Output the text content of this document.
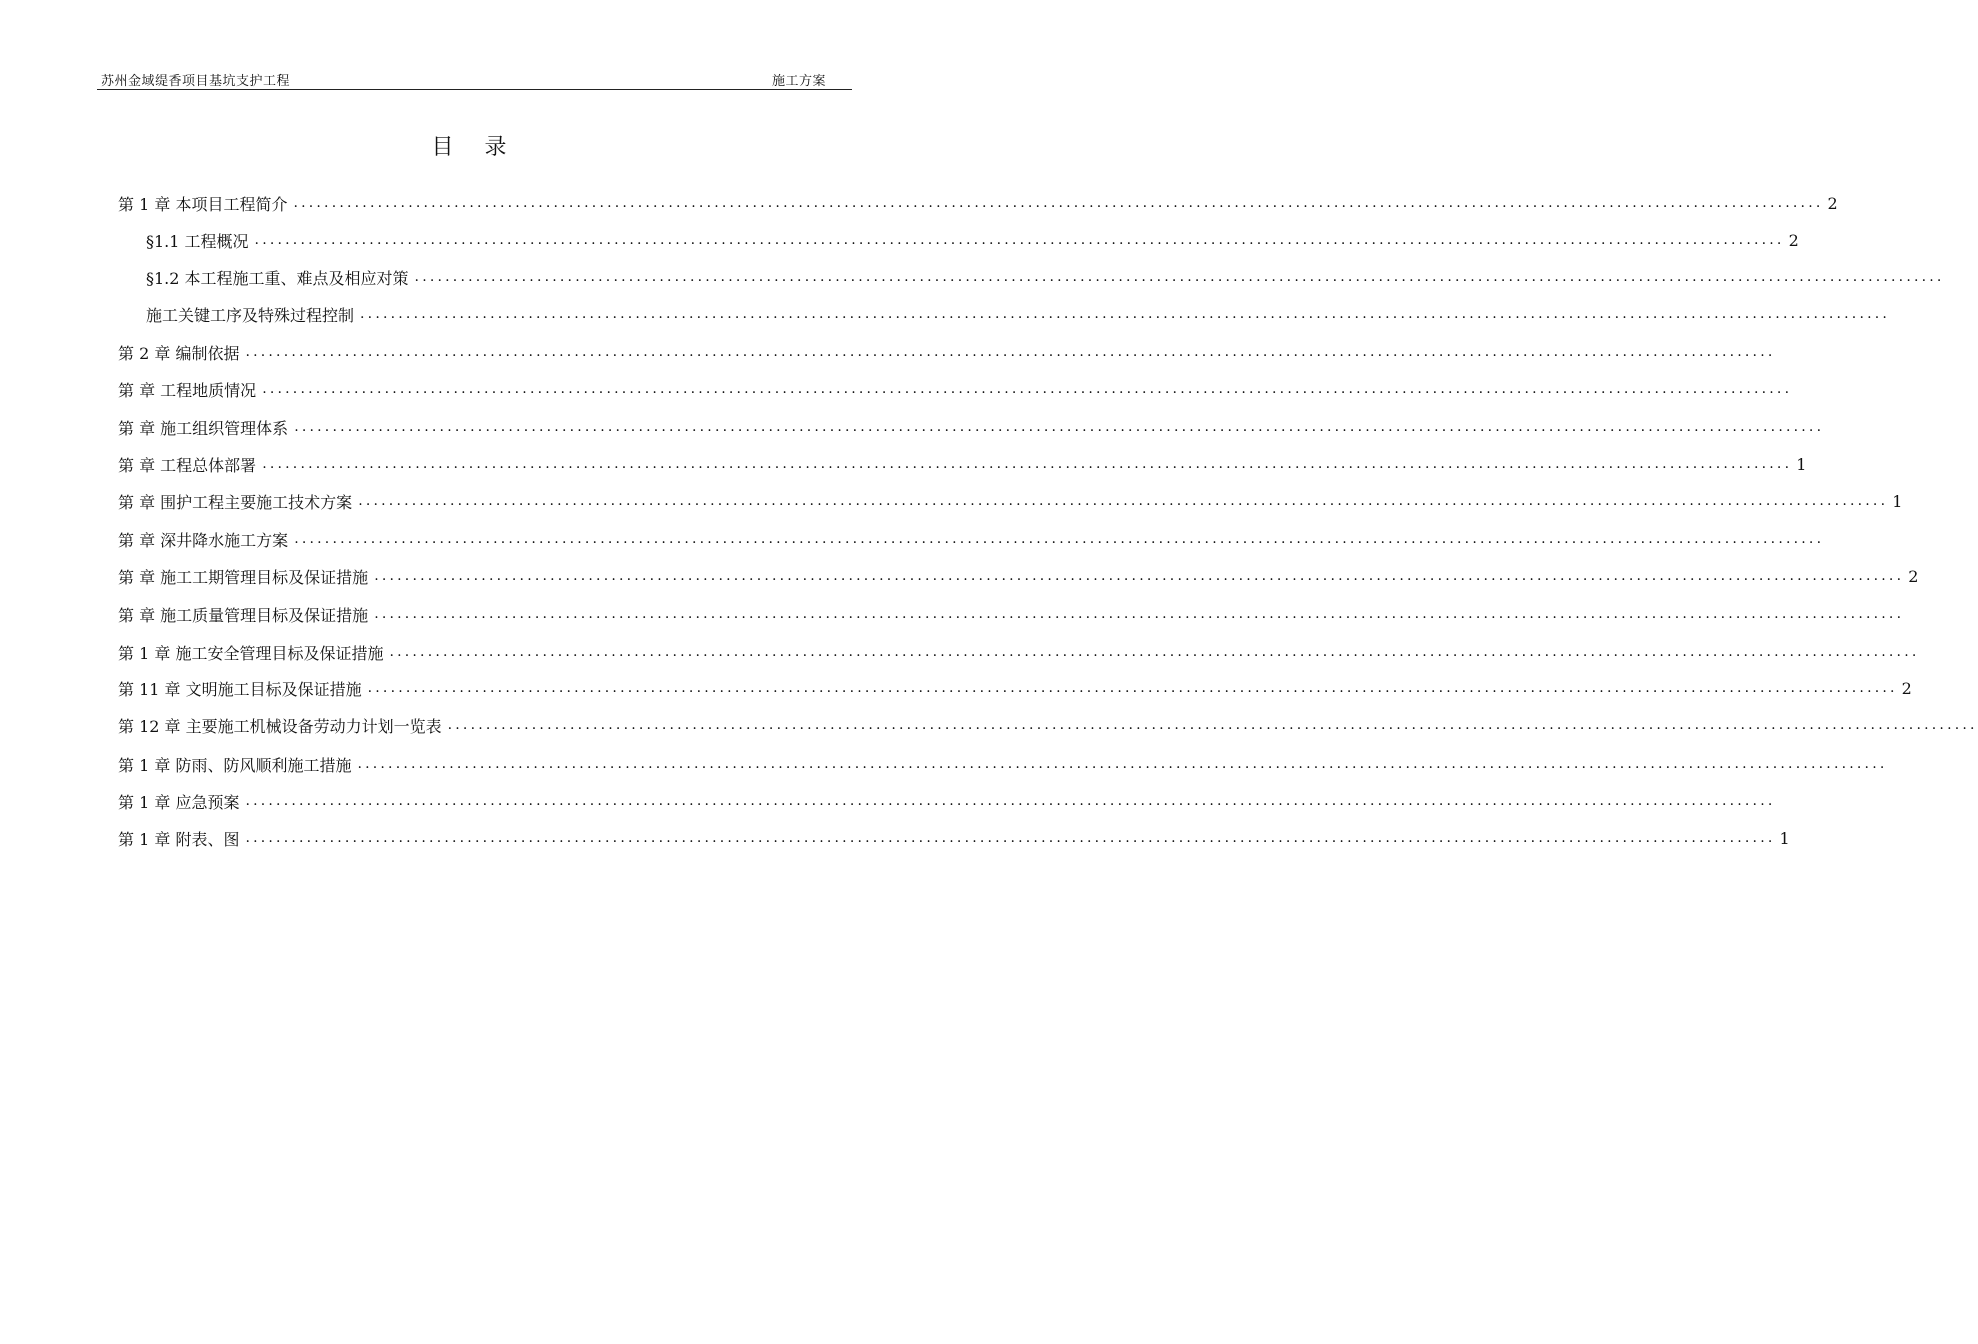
苏州金域缇香项目基坑支护工程	施工方案
目 录
第 1 章 本项目工程简介 ........................................................................................................................................................................................................ 2
§1.1 工程概况 ........................................................................................................................................................................................................ 2
§1.2 本工程施工重、难点及相应对策 ........................................................................................................................................................................................................
施工关键工序及特殊过程控制 ........................................................................................................................................................................................................
第 2 章 编制依据 ........................................................................................................................................................................................................
第 章 工程地质情况 ........................................................................................................................................................................................................
第 章 施工组织管理体系 ........................................................................................................................................................................................................
第 章 工程总体部署 ........................................................................................................................................................................................................ 1
第 章 围护工程主要施工技术方案 ........................................................................................................................................................................................................ 1
第 章 深井降水施工方案 ........................................................................................................................................................................................................
第 章 施工工期管理目标及保证措施 ........................................................................................................................................................................................................ 2
第 章 施工质量管理目标及保证措施 ........................................................................................................................................................................................................
第 1 章 施工安全管理目标及保证措施 ........................................................................................................................................................................................................
第 11 章 文明施工目标及保证措施 ........................................................................................................................................................................................................ 2
第 12 章 主要施工机械设备劳动力计划一览表 ........................................................................................................................................................................................................
第 1 章 防雨、防风顺利施工措施 ........................................................................................................................................................................................................
第 1 章 应急预案 ........................................................................................................................................................................................................
第 1 章 附表、图 ........................................................................................................................................................................................................ 1
